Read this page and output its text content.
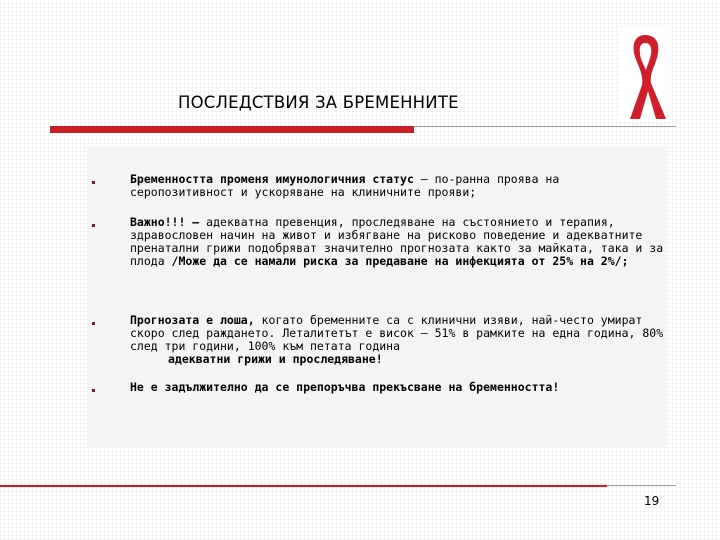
ПОСЛЕДСТВИЯ ЗА БРЕМЕННИТЕ
Бременността променя имунологичния статус – по-ранна проява на серопозитивност и ускоряване на клиничните прояви;
Важно!!! – адекватна превенция, проследяване на състоянието и терапия, здравословен начин на живот и избягване на рисково поведение и адекватните пренатални грижи подобряват значително прогнозата както за майката, така и за плода /Може да се намали риска за предаване на инфекцията от 25% на 2%/;
Прогнозата е лоша, когато бременните са с клинични изяви, най-често умират скоро след раждането. Леталитетът е висок – 51% в рамките на една година, 80% след три години, 100% към петата година
адекватни грижи и проследяване!
Не е задължително да се препоръчва прекъсване на бременността!
19
